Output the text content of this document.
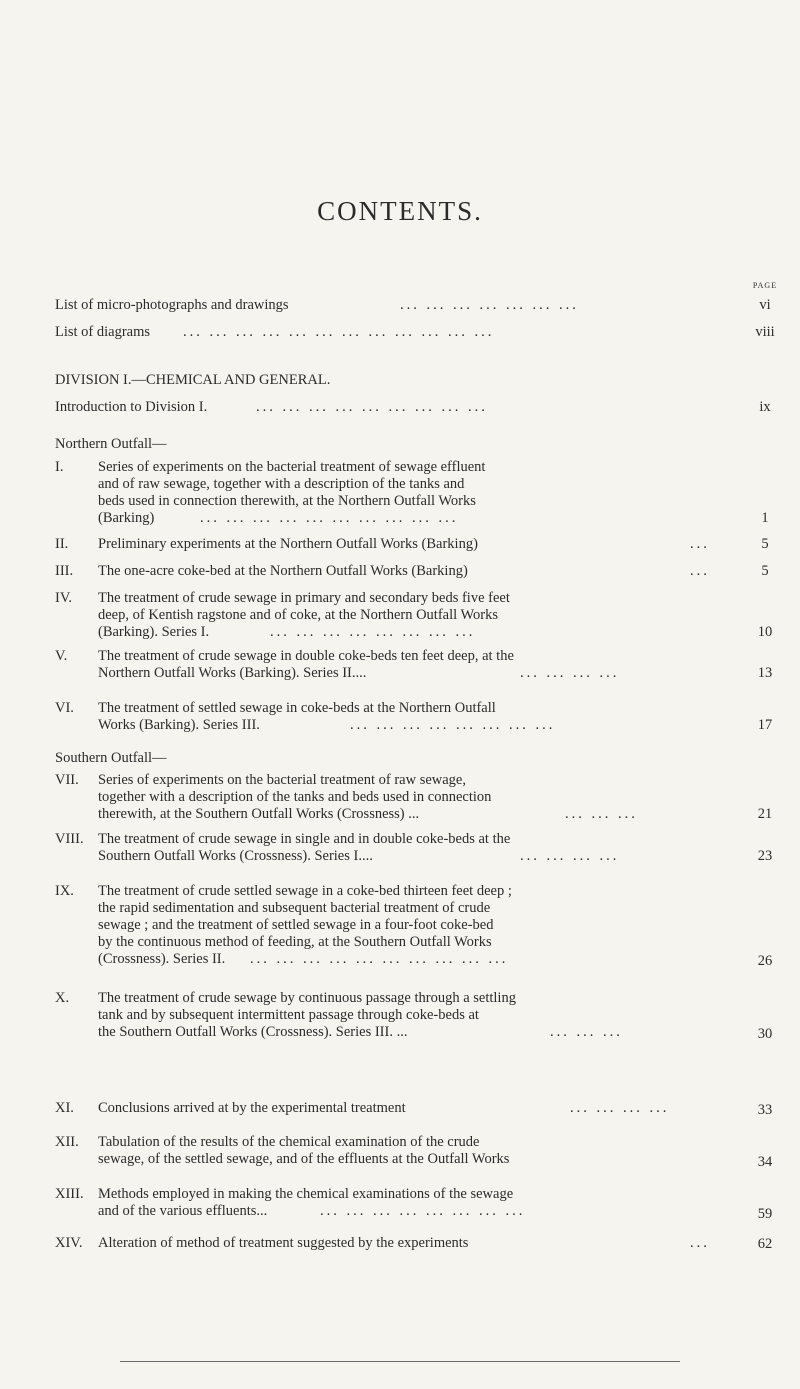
CONTENTS.
PAGE
List of micro-photographs and drawings	... ... ... ... ... ... ...	vi
List of diagrams ... ... ... ... ... ... ... ... ... ... ... ...	viii
DIVISION I.—CHEMICAL AND GENERAL.
Introduction to Division I.	... ... ... ... ... ... ... ... ...	ix
Northern Outfall—
I.	Series of experiments on the bacterial treatment of sewage effluent
and of raw sewage, together with a description of the tanks and
beds used in connection therewith, at the Northern Outfall Works
(Barking)	... ... ... ... ... ... ... ... ... ...	1
II.	Preliminary experiments at the Northern Outfall Works (Barking)	...	5
III.	The one-acre coke-bed at the Northern Outfall Works (Barking)	...	5
IV.	The treatment of crude sewage in primary and secondary beds five feet
deep, of Kentish ragstone and of coke, at the Northern Outfall Works
(Barking). Series I.	... ... ... ... ... ... ... ...	10
V.	The treatment of crude sewage in double coke-beds ten feet deep, at the
Northern Outfall Works (Barking). Series II....	... ... ... ...	13
VI.	The treatment of settled sewage in coke-beds at the Northern Outfall
Works (Barking). Series III.	... ... ... ... ... ... ... ...	17
Southern Outfall—
VII.	Series of experiments on the bacterial treatment of raw sewage,
together with a description of the tanks and beds used in connection
therewith, at the Southern Outfall Works (Crossness) ...	... ... ...	21
VIII. The treatment of crude sewage in single and in double coke-beds at the
Southern Outfall Works (Crossness). Series I....	... ... ... ...	23
IX.	The treatment of crude settled sewage in a coke-bed thirteen feet deep ;
the rapid sedimentation and subsequent bacterial treatment of crude
sewage ; and the treatment of settled sewage in a four-foot coke-bed
by the continuous method of feeding, at the Southern Outfall Works
(Crossness). Series II. ... ... ... ... ... ... ... ... ... ...	26
X.	The treatment of crude sewage by continuous passage through a settling
tank and by subsequent intermittent passage through coke-beds at
the Southern Outfall Works (Crossness). Series III. ...	... ... ...	30
XI.	Conclusions arrived at by the experimental treatment	... ... ... ...	33
XII.	Tabulation of the results of the chemical examination of the crude
sewage, of the settled sewage, and of the effluents at the Outfall Works	34
XIII. Methods employed in making the chemical examinations of the sewage
and of the various effluents...	... ... ... ... ... ... ... ...	59
XIV.	Alteration of method of treatment suggested by the experiments	...	62
